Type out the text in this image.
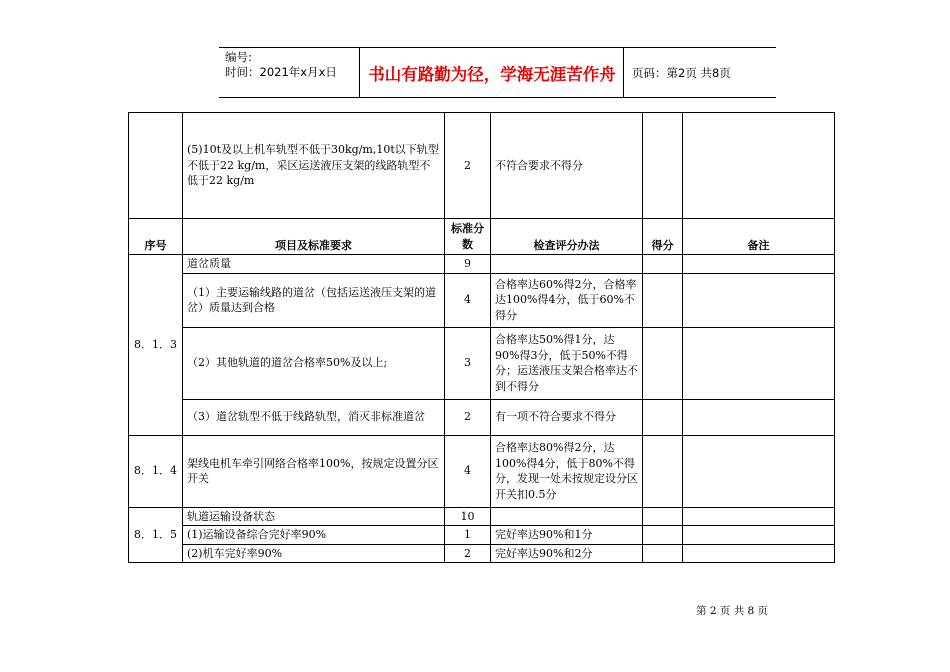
编号:
时间：2021年x月x日	书山有路勤为径，学海无涯苦作舟	页码：第2页 共8页
	(5)10t及以上机车轨型不低于30kg/m,10t以下轨型不低于22 kg/m，采区运送液压支架的线路轨型不低于22 kg/m	2	不符合要求不得分		
序号	项目及标准要求	标准分数	检查评分办法	得分	备注
8．1．3	道岔质量	9			
	（1）主要运输线路的道岔（包括运送液压支架的道岔）质量达到合格	4	合格率达60%得2分，合格率达100%得4分，低于60%不得分		
	（2）其他轨道的道岔合格率50%及以上;	3	合格率达50%得1分，达90%得3分，低于50%不得分；运送液压支架合格率达不到不得分		
	（3）道岔轨型不低于线路轨型，消灭非标准道岔	2	有一项不符合要求不得分		
8．1．4	架线电机车牵引网络合格率100%，按规定设置分区开关	4	合格率达80%得2分，达100%得4分，低于80%不得分，发现一处未按规定设分区开关扣0.5分		
8．1．5	轨道运输设备状态	10			
	(1)运输设备综合完好率90%	1	完好率达90%和1分		
	(2)机车完好率90%	2	完好率达90%和2分		
第 2 页 共 8 页
